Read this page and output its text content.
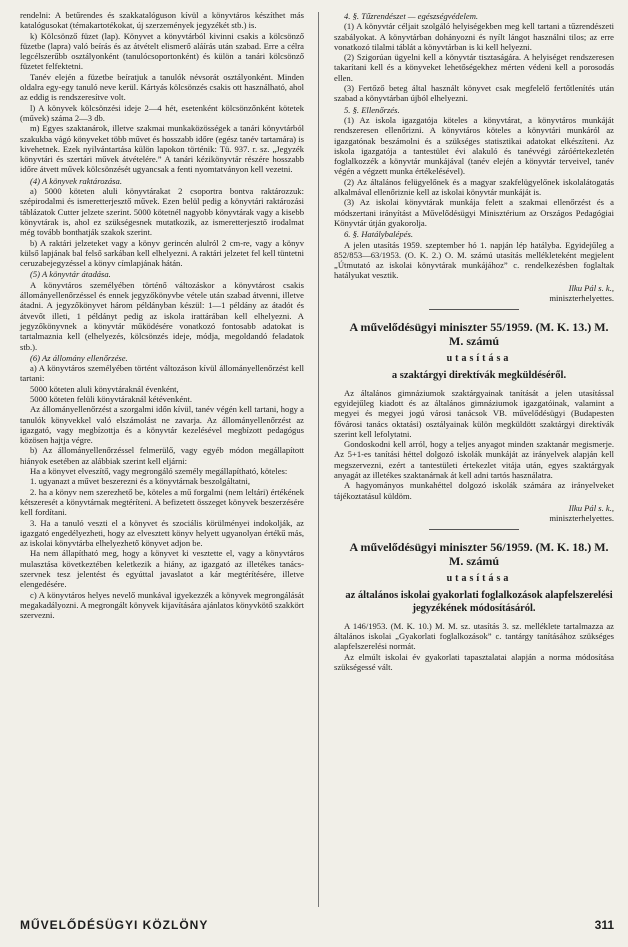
rendelni: A betűrendes és szakkatalóguson kívül a könyvtáros készíthet más katalógusokat (témakartotékokat, új szerzemények jegyzékét stb.) is.

k) Kölcsönző füzet (lap). Könyvet a könyvtárból kivinni csakis a kölcsönző füzetbe (lapra) való beírás és az átvételt elismerő aláírás után szabad. Erre a célra legcélszerűbb osztályonként (tanulócsoportonként) és külön a tanári kölcsönző füzetet felfektetni.

Tanév elején a füzetbe beíratjuk a tanulók névsorát osztályonként. Minden oldalra egy-egy tanuló neve kerül. Kártyás kölcsönzés csakis ott használható, ahol az eddig is rendszeresítve volt.

l) A könyvek kölcsönzési ideje 2—4 hét, esetenként kölcsönzőnként kötetek (művek) száma 2—3 db.

m) Egyes szaktanárok, illetve szakmai munkaközösségek a tanári könyvtárból szakukba vágó könyveket több művet és hosszabb időre (egész tanév tartamára) is kivehetnek. Ezek nyilvántartása külön lapokon történik: Tü. 937. r. sz. „Jegyzék könyvtári és szertári művek átvételére.” A tanári kézikönyvtár részére hosszabb időre átvett művek kölcsönzését ugyancsak a fenti nyomtatványon kell vezetni.

(4) A könyvek raktározása.

a) 5000 köteten aluli könyvtárakat 2 csoportra bontva raktározzuk: szépirodalmi és ismeretterjesztő művek. Ezen belül pedig a könyvtári raktározási táblázatok Cutter jelzete szerint. 5000 kötetnél nagyobb könyvtárak vagy a kisebb könyvtárak is, ahol ez szükségesnek mutatkozik, az ismeretterjesztő irodalmat még tovább bonthatják szakok szerint.

b) A raktári jelzeteket vagy a könyv gerincén alulról 2 cm-re, vagy a könyv külső lapjának bal felső sarkában kell elhelyezni. A raktári jelzetet fel kell tüntetni ceruzabejegyzéssel a könyv címlapjának hátán.

(5) A könyvtár átadása.

A könyvtáros személyében történő változáskor a könyvtárost csakis állományellenőrzéssel és ennek jegyzőkönyvbe vétele után szabad átvenni, illetve átadni. A jegyzőkönyvet három példányban készül: 1—1 példány az átadót és átvevőt illeti, 1 példányt pedig az iskola irattárában kell elhelyezni. A jegyzőkönyvnek a könyvtár működésére vonatkozó fontosabb adatokat is tartalmaznia kell (elhelyezés, kölcsönzés ideje, módja, megoldandó feladatok stb.).

(6) Az állomány ellenőrzése.

a) A könyvtáros személyében történt változáson kívül állományellenőrzést kell tartani:

5000 köteten aluli könyvtáraknál évenként,

5000 köteten felüli könyvtáraknál kétévenként.

Az állományellenőrzést a szorgalmi időn kívül, tanév végén kell tartani, hogy a tanulók könyvekkel való elszámolást ne zavarja. Az állományellenőrzést az igazgató, vagy megbízottja és a könyvtár kezelésével megbízott pedagógus közösen hajtja végre.

b) Az állományellenőrzéssel felmerülő, vagy egyéb módon megállapított hiányok esetében az alábbiak szerint kell eljárni:

Ha a könyvet elveszítő, vagy megrongáló személy megállapítható, köteles:

1. ugyanazt a művet beszerezni és a könyvtárnak beszolgáltatni,

2. ha a könyv nem szerezhető be, köteles a mű forgalmi (nem leltári) értékének kétszeresét a könyvtárnak megtéríteni. A befizetett összeget könyvek beszerzésére kell fordítani.

3. Ha a tanuló veszti el a könyvet és szociális körülményei indokolják, az igazgató engedélyezheti, hogy az elvesztett könyv helyett ugyanolyan értékű más, az iskolai könyvtárba elhelyezhető könyvet adjon be.

Ha nem állapítható meg, hogy a könyvet ki vesztette el, vagy a könyvtáros mulasztása következtében keletkezik a hiány, az igazgató az illetékes tanács-szervnek tesz jelentést és egyúttal javaslatot a kár megtérítésére, illetve elengedésére.

c) A könyvtáros helyes nevelő munkával igyekezzék a könyvek megrongálását megakadályozni. A megrongált könyvek kijavítására ajánlatos könyvkötő szakkört szervezni.

4. §. Tűzrendészet — egészségvédelem.

(1) A könyvtár céljait szolgáló helyiségekben meg kell tartani a tűzrendészeti szabályokat. A könyvtárban dohányozni és nyílt lángot használni tilos; az erre vonatkozó tilalmi táblát a könyvtárban is ki kell helyezni.

(2) Szigorúan ügyelni kell a könyvtár tisztaságára. A helyiséget rendszeresen takarítani kell és a könyveket lehetőségekhez mérten védeni kell a porosodás ellen.

(3) Fertőző beteg által használt könyvet csak megfelelő fertőtlenítés után szabad a könyvtárban újból elhelyezni.

5. §. Ellenőrzés.

(1) Az iskola igazgatója köteles a könyvtárat, a könyvtáros munkáját rendszeresen ellenőrizni. A könyvtáros köteles a könyvtári munkáról az igazgatónak beszámolni és a szükséges statisztikai adatokat elkészíteni. Az iskola igazgatója a tantestület évi alakuló és tanévvégi záróértekezletén foglalkozzék a könyvtár munkájával (tanév elején a könyvtár terveivel, tanév végén a végzett munka értékelésével).

(2) Az általános felügyelőnek és a magyar szakfelügyelőnek iskolalátogatás alkalmával ellenőriznie kell az iskolai könyvtár munkáját is.

(3) Az iskolai könyvtárak munkája felett a szakmai ellenőrzést és a módszertani irányítást a Művelődésügyi Minisztérium az Országos Pedagógiai Könyvtár útján gyakorolja.

6. §. Hatálybalépés.

A jelen utasítás 1959. szeptember hó 1. napján lép hatályba. Egyidejűleg a 852/853—63/1953. (O. K. 2.) O. M. számú utasítás mellékleteként megjelent „Útmutató az iskolai könyvtárak munkájához” c. rendelkezésben foglaltak hatályukat vesztik.

Ilku Pál s. k.,

miniszterhelyettes.

A művelődésügyi miniszter 55/1959. (M. K. 13.) M. M. számú

utasítása

a szaktárgyi direktívák megküldéséről.

Az általános gimnáziumok szaktárgyainak tanítását a jelen utasítással egyidejűleg kiadott és az általános gimnáziumok igazgatóinak, valamint a megyei és megyei jogú városi tanácsok VB. művelődésügyi (Budapesten fővárosi tanács oktatási) osztályainak külön megküldött szaktárgyi direktívák szerint kell lefolytatni.

Gondoskodni kell arról, hogy a teljes anyagot minden szaktanár megismerje. Az 5+1-es tanítási héttel dolgozó iskolák munkáját az irányelvek alapján kell megszervezni, ezért a tantestületi értekezlet vitája után, egyes szaktárgyak anyagát az illetékes szaktanárnak át kell adni tartós használatra.

A hagyományos munkahéttel dolgozó iskolák számára az irányelveket tájékoztatásul küldöm.

Ilku Pál s. k.,

miniszterhelyettes.

A művelődésügyi miniszter 56/1959. (M. K. 18.) M. M. számú

utasítása

az általános iskolai gyakorlati foglalkozások alapfelszerelési jegyzékének módosításáról.

A 146/1953. (M. K. 10.) M. M. sz. utasítás 3. sz. melléklete tartalmazza az általános iskolai „Gyakorlati foglalkozások” c. tantárgy tanításához szükséges alapfelszerelési normát.

Az elmúlt iskolai év gyakorlati tapasztalatai alapján a norma módosítása szükségessé vált.

MŰVELŐDÉSÜGYI KÖZLÖNY	311
